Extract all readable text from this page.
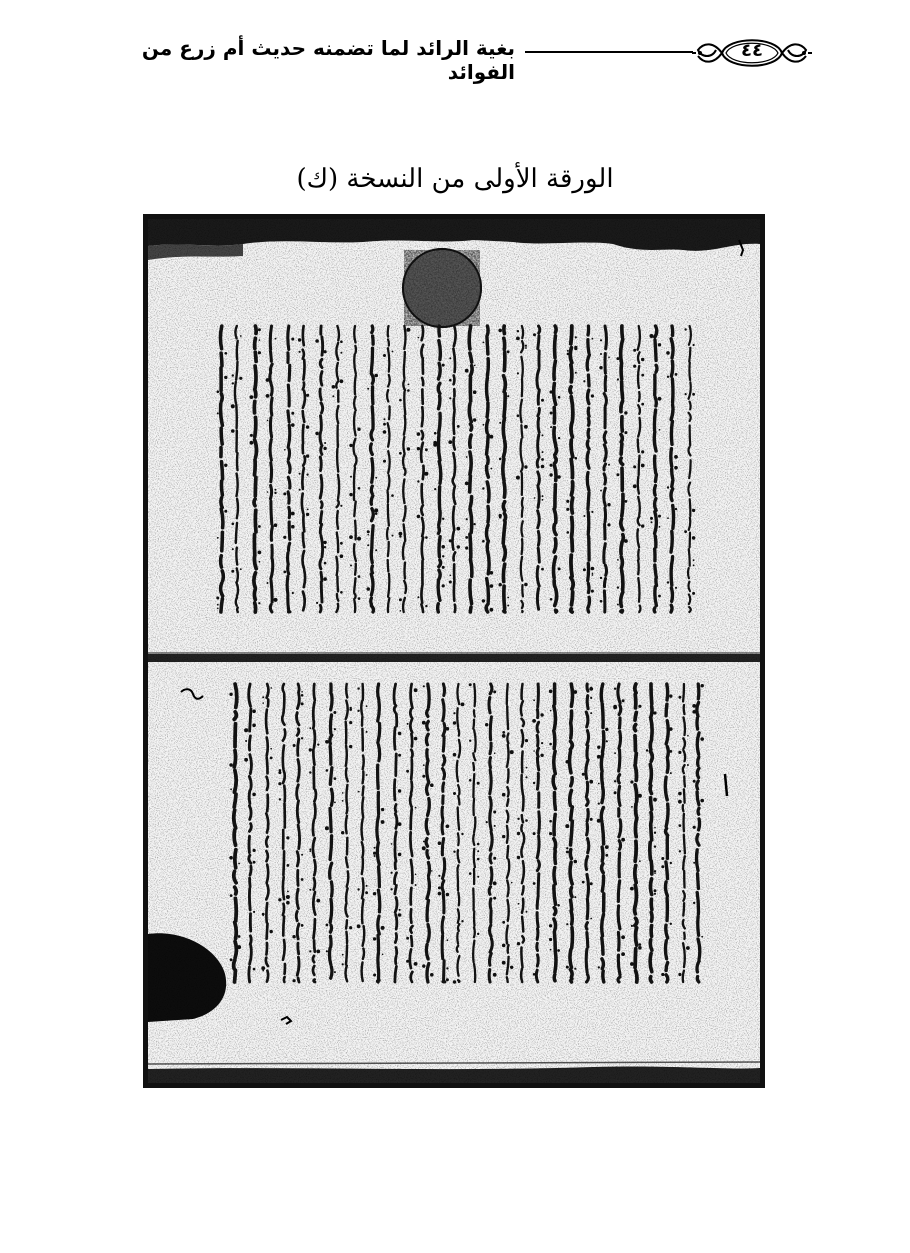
بغية الرائد لما تضمنه حديث أم زرع من الفوائد
٤٤
الورقة الأولى من النسخة (ك)
